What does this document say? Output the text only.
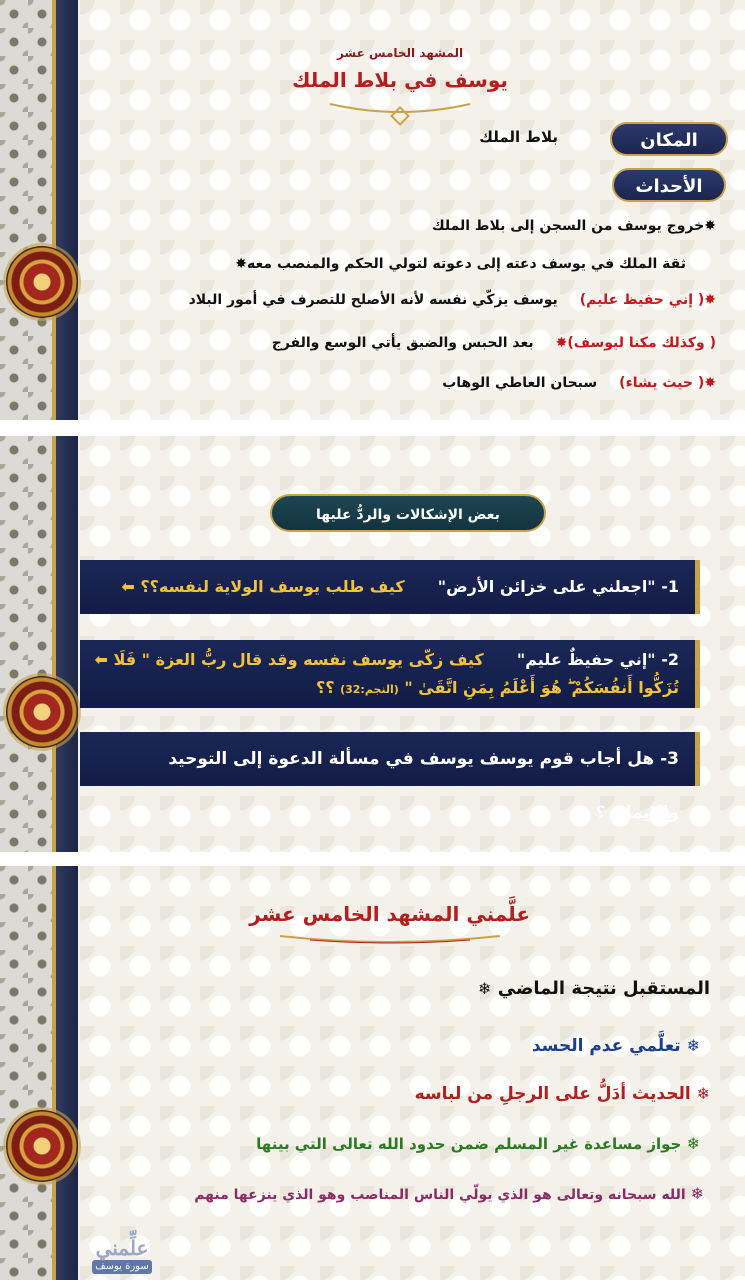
المشهد الخامس عشر
يوسف في بلاط الملك
المكان
بلاط الملك
الأحداث
✸خروج يوسف من السجن إلى بلاط الملك
ثقة الملك في يوسف دعته إلى دعوته لتولي الحكم والمنصب معه✸
✸( إني حفيظ عليم)يوسف يزكّي نفسه لأنه الأصلح للتصرف في أمور البلاد
( وكذلك مكنا ليوسف)✸بعد الحبس والضيق يأتي الوسع والفرج
✸( حيث يشاء)سبحان العاطي الوهاب
بعض الإشكالات والردُّ عليها
1- "اجعلني على خزائن الأرض"  كيف طلب يوسف الولاية لنفسه؟؟ ⬅
2- "إني حفيظٌ عليم"  كيف زكّى يوسف نفسه وقد قال ربُّ العزة " فَلَا ⬅
تُزَكُّوا أَنفُسَكُمْ ۖ هُوَ أَعْلَمُ بِمَنِ اتَّقَىٰ " (النجم:32) ؟؟
3- هل أجاب قوم يوسف يوسف في مسألة الدعوة إلى التوحيد والايمان ؟
علَّمني المشهد الخامس عشر
المستقبل نتيجة الماضي ❄
❄ تعلَّمي عدم الحسد
❄ الحديث أدَلُّ على الرجلِ من لباسه
❄ جواز مساعدة غير المسلم ضمن حدود الله تعالى التي بينها
❄ الله سبحانه وتعالى هو الذي يولّي الناس المناصب وهو الذي ينزعها منهم
علِّمني
سورة يوسف
